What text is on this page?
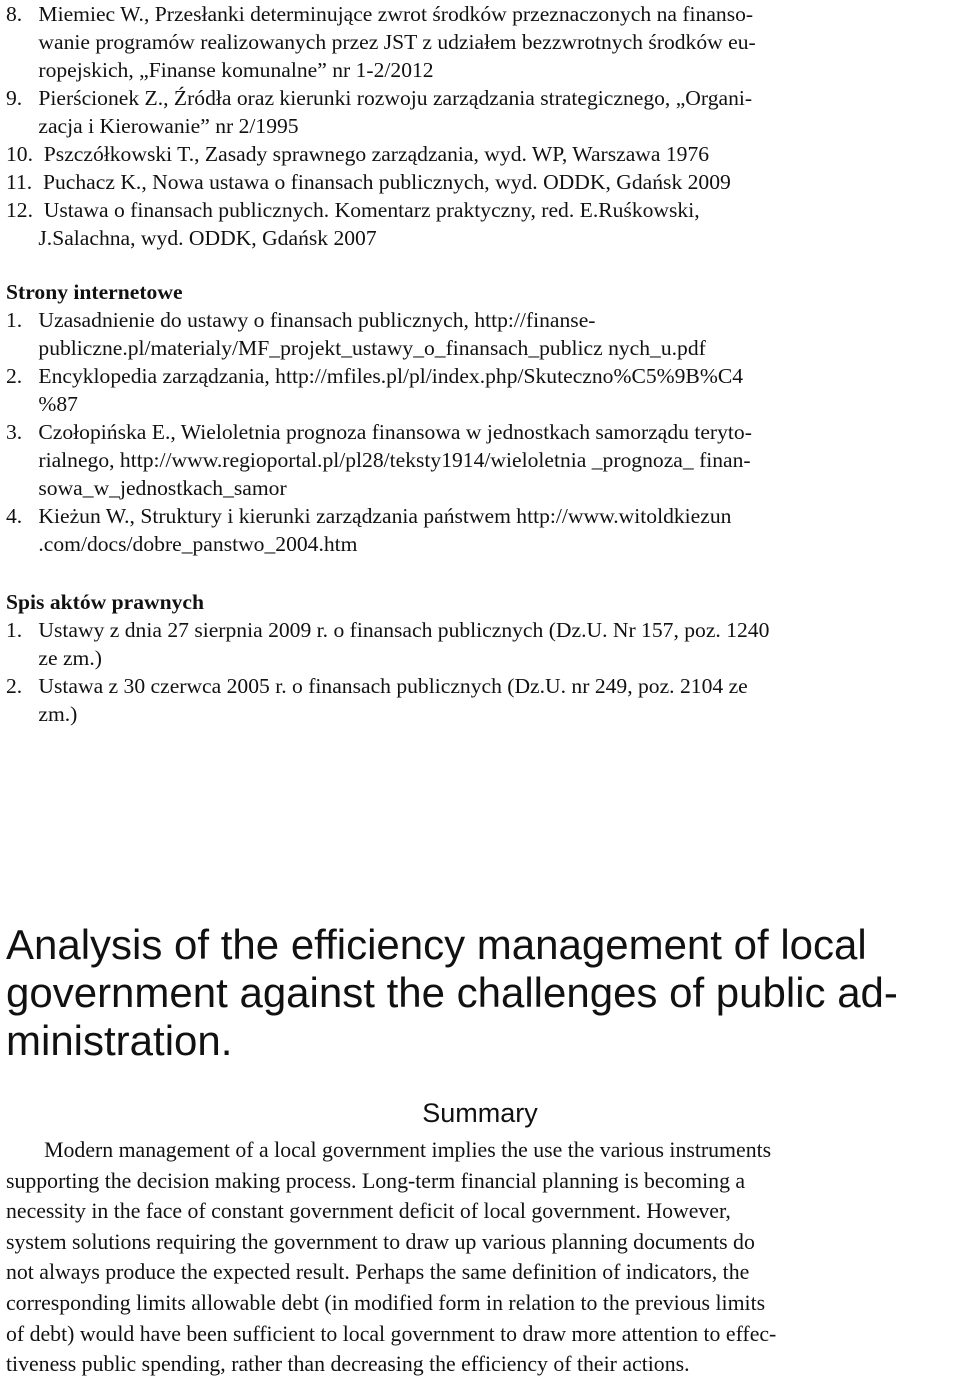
8.   Miemiec W., Przesłanki determinujące zwrot środków przeznaczonych na finanso-
wanie programów realizowanych przez JST z udziałem bezzwrotnych środków eu-
ropejskich, „Finanse komunalne” nr 1-2/2012
9.   Pierścionek Z., Źródła oraz kierunki rozwoju zarządzania strategicznego, „Organi-
zacja i Kierowanie” nr 2/1995
10.  Pszczółkowski T., Zasady sprawnego zarządzania, wyd. WP, Warszawa 1976
11.  Puchacz K., Nowa ustawa o finansach publicznych, wyd. ODDK, Gdańsk 2009
12.  Ustawa o finansach publicznych. Komentarz praktyczny, red. E.Ruśkowski,
J.Salachna, wyd. ODDK, Gdańsk 2007
Strony internetowe
1.   Uzasadnienie do ustawy o finansach publicznych, http://finanse-
publiczne.pl/materialy/MF_projekt_ustawy_o_finansach_publicz nych_u.pdf
2.   Encyklopedia zarządzania, http://mfiles.pl/pl/index.php/Skuteczno%C5%9B%C4
%87
3.   Czołopińska E., Wieloletnia prognoza finansowa w jednostkach samorządu teryto-
rialnego, http://www.regioportal.pl/pl28/teksty1914/wieloletnia _prognoza_ finan-
sowa_w_jednostkach_samor
4.   Kieżun W., Struktury i kierunki zarządzania państwem http://www.witoldkiezun
.com/docs/dobre_panstwo_2004.htm
Spis aktów prawnych
1.   Ustawy z dnia 27 sierpnia 2009 r. o finansach publicznych (Dz.U. Nr 157, poz. 1240
ze zm.)
2.   Ustawa z 30 czerwca 2005 r. o finansach publicznych (Dz.U. nr 249, poz. 2104 ze
zm.)
Analysis of the efficiency management of local
government against the challenges of public ad-
ministration.
Summary
Modern management of a local government implies the use the various instruments
supporting the decision making process. Long-term financial planning is becoming a
necessity in the face of constant government deficit of local government. However,
system solutions requiring the government to draw up various planning documents do
not always produce the expected result. Perhaps the same definition of indicators, the
corresponding limits allowable debt (in modified form in relation to the previous limits
of debt) would have been sufficient to local government to draw more attention to effec-
tiveness public spending, rather than decreasing the efficiency of their actions.
